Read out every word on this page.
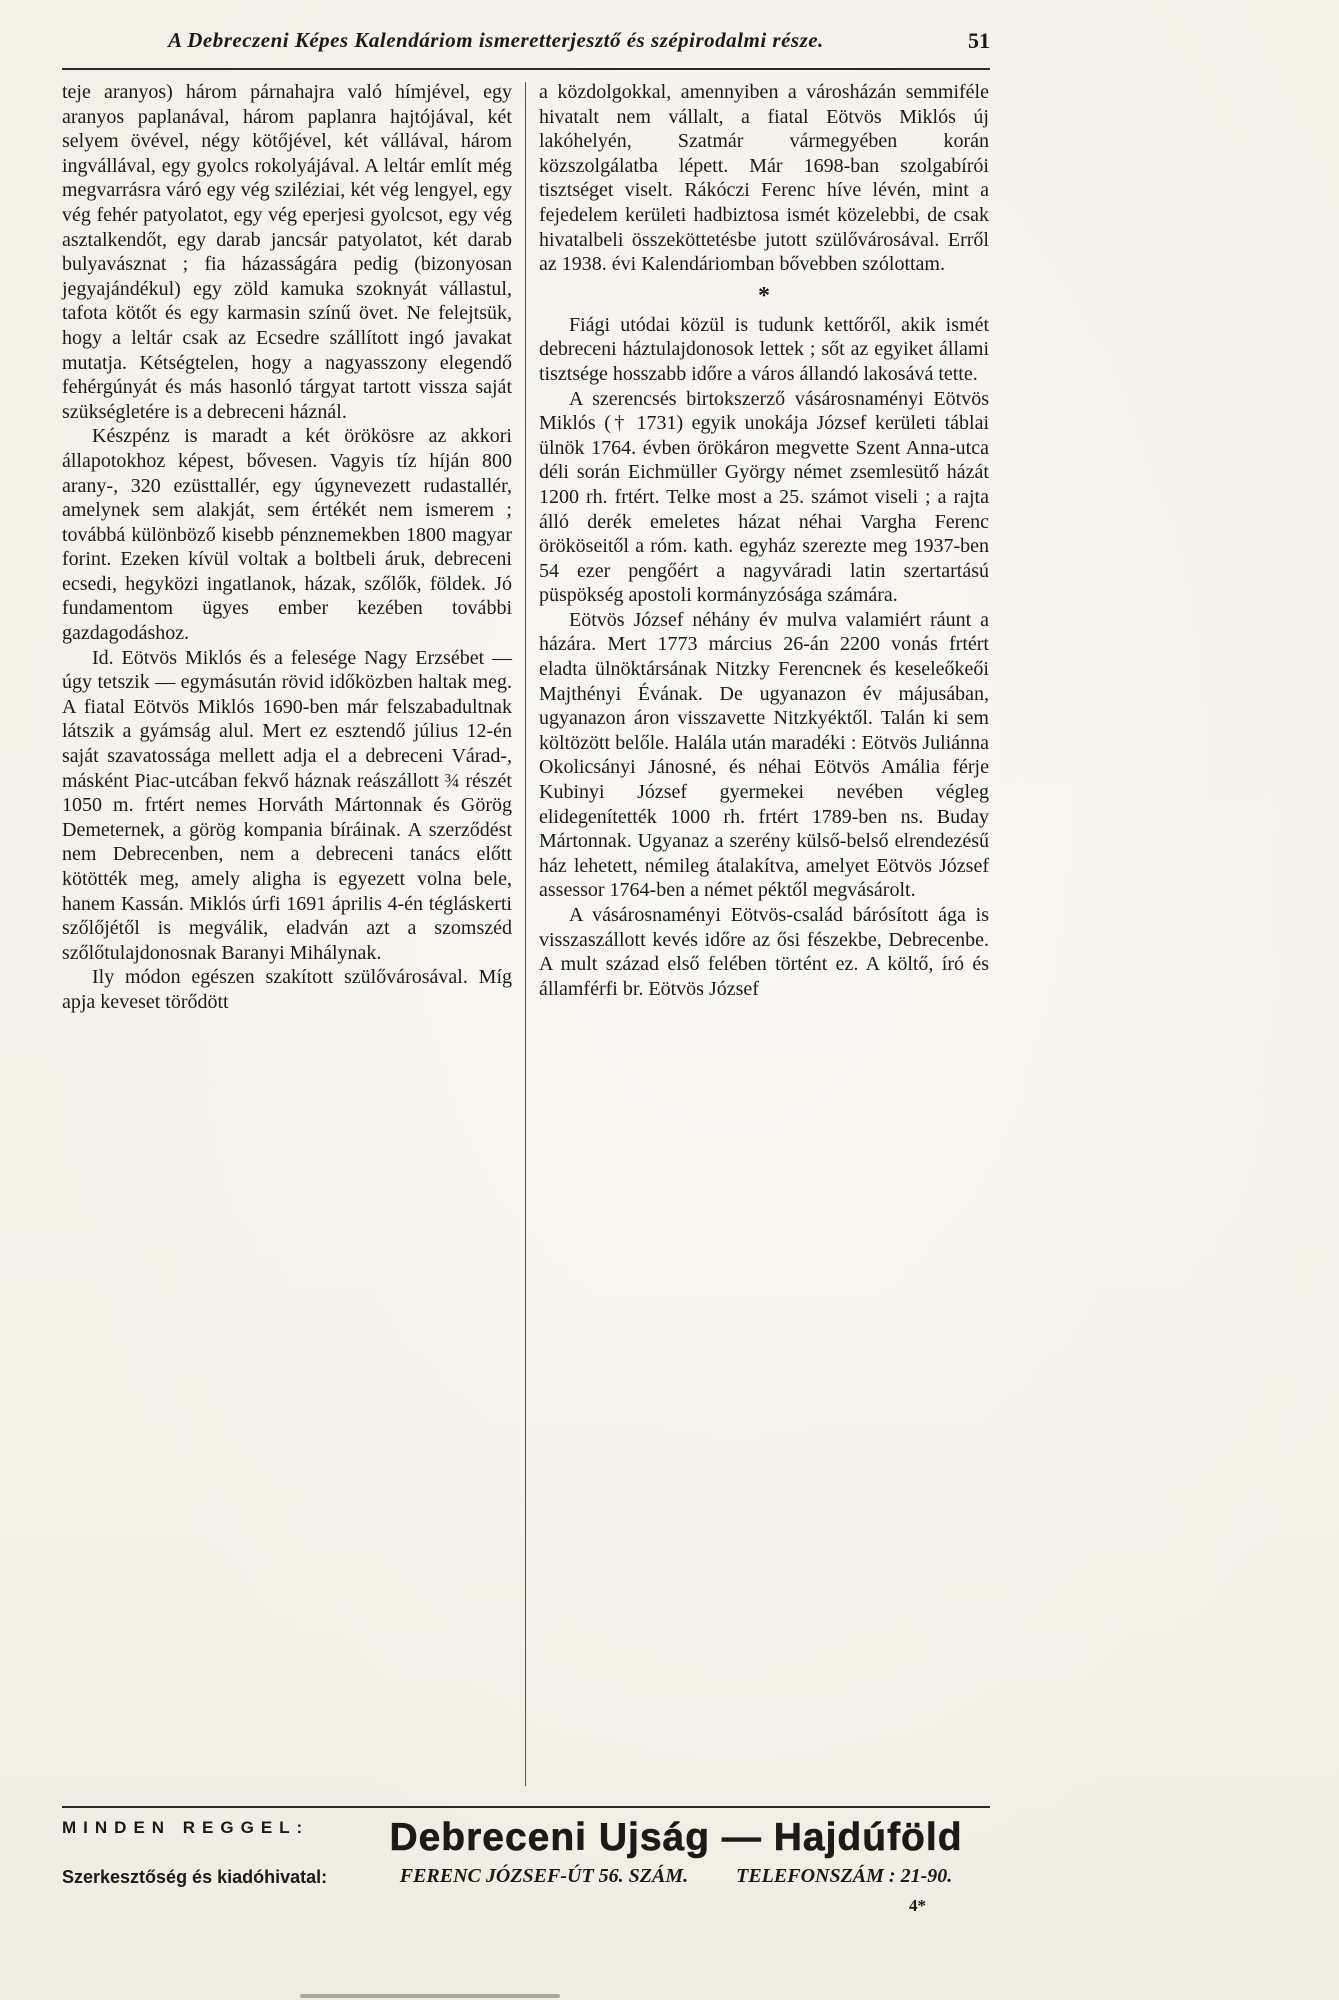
A Debreczeni Képes Kalendáriom ismeretterjesztő és szépirodalmi része.	51

teje aranyos) három párnahajra való hímjével, egy aranyos paplanával, három paplanra hajtójával, két selyem övével, négy kötőjével, két vállával, három ingvállával, egy gyolcs rokolyájával. A leltár említ még megvarrásra váró egy vég sziléziai, két vég lengyel, egy vég fehér patyolatot, egy vég eperjesi gyolcsot, egy vég asztalkendőt, egy darab jancsár patyolatot, két darab bulyavásznat ; fia házasságára pedig (bizonyosan jegyajándékul) egy zöld kamuka szoknyát vállastul, tafota kötőt és egy karmasin színű övet. Ne felejtsük, hogy a leltár csak az Ecsedre szállított ingó javakat mutatja. Kétségtelen, hogy a nagyasszony elegendő fehérgúnyát és más hasonló tárgyat tartott vissza saját szükségletére is a debreceni háznál.

Készpénz is maradt a két örökösre az akkori állapotokhoz képest, bővesen. Vagyis tíz híján 800 arany-, 320 ezüsttallér, egy úgynevezett rudastallér, amelynek sem alakját, sem értékét nem ismerem ; továbbá különböző kisebb pénznemekben 1800 magyar forint. Ezeken kívül voltak a boltbeli áruk, debreceni ecsedi, hegyközi ingatlanok, házak, szőlők, földek. Jó fundamentom ügyes ember kezében további gazdagodáshoz.

Id. Eötvös Miklós és a felesége Nagy Erzsébet — úgy tetszik — egymásután rövid időközben haltak meg. A fiatal Eötvös Miklós 1690-ben már felszabadultnak látszik a gyámság alul. Mert ez esztendő július 12-én saját szavatossága mellett adja el a debreceni Várad-, másként Piac-utcában fekvő háznak reászállott ¾ részét 1050 m. frtért nemes Horváth Mártonnak és Görög Demeternek, a görög kompania bíráinak. A szerződést nem Debrecenben, nem a debreceni tanács előtt kötötték meg, amely aligha is egyezett volna bele, hanem Kassán. Miklós úrfi 1691 április 4-én tégláskerti szőlőjétől is megválik, eladván azt a szomszéd szőlőtulajdonosnak Baranyi Mihálynak.

Ily módon egészen szakított szülővárosával. Míg apja keveset törődött

a közdolgokkal, amennyiben a városházán semmiféle hivatalt nem vállalt, a fiatal Eötvös Miklós új lakóhelyén, Szatmár vármegyében korán közszolgálatba lépett. Már 1698-ban szolgabírói tisztséget viselt. Rákóczi Ferenc híve lévén, mint a fejedelem kerületi hadbiztosa ismét közelebbi, de csak hivatalbeli összeköttetésbe jutott szülővárosával. Erről az 1938. évi Kalendáriomban bővebben szólottam.

*

Fiági utódai közül is tudunk kettőről, akik ismét debreceni háztulajdonosok lettek ; sőt az egyiket állami tisztsége hosszabb időre a város állandó lakosává tette.

A szerencsés birtokszerző vásárosnaményi Eötvös Miklós († 1731) egyik unokája József kerületi táblai ülnök 1764. évben örökáron megvette Szent Anna-utca déli során Eichmüller György német zsemlesütő házát 1200 rh. frtért. Telke most a 25. számot viseli ; a rajta álló derék emeletes házat néhai Vargha Ferenc örököseitől a róm. kath. egyház szerezte meg 1937-ben 54 ezer pengőért a nagyváradi latin szertartású püspökség apostoli kormányzósága számára.

Eötvös József néhány év mulva valamiért ráunt a házára. Mert 1773 március 26-án 2200 vonás frtért eladta ülnöktársának Nitzky Ferencnek és keseleőkeői Majthényi Évának. De ugyanazon év májusában, ugyanazon áron visszavette Nitzkyéktől. Talán ki sem költözött belőle. Halála után maradéki : Eötvös Juliánna Okolicsányi Jánosné, és néhai Eötvös Amália férje Kubinyi József gyermekei nevében végleg elidegenítették 1000 rh. frtért 1789-ben ns. Buday Mártonnak. Ugyanaz a szerény külső-belső elrendezésű ház lehetett, némileg átalakítva, amelyet Eötvös József assessor 1764-ben a német péktől megvásárolt.

A vásárosnaményi Eötvös-család bárósított ága is visszaszállott kevés időre az ősi fészekbe, Debrecenbe. A mult század első felében történt ez. A költő, író és államférfi br. Eötvös József

MINDEN REGGEL:
Szerkesztőség és kiadóhivatal:
Debreceni Ujság — Hajdúföld
FERENC JÓZSEF-ÚT 56. SZÁM. TELEFONSZÁM : 21-90.
4*
